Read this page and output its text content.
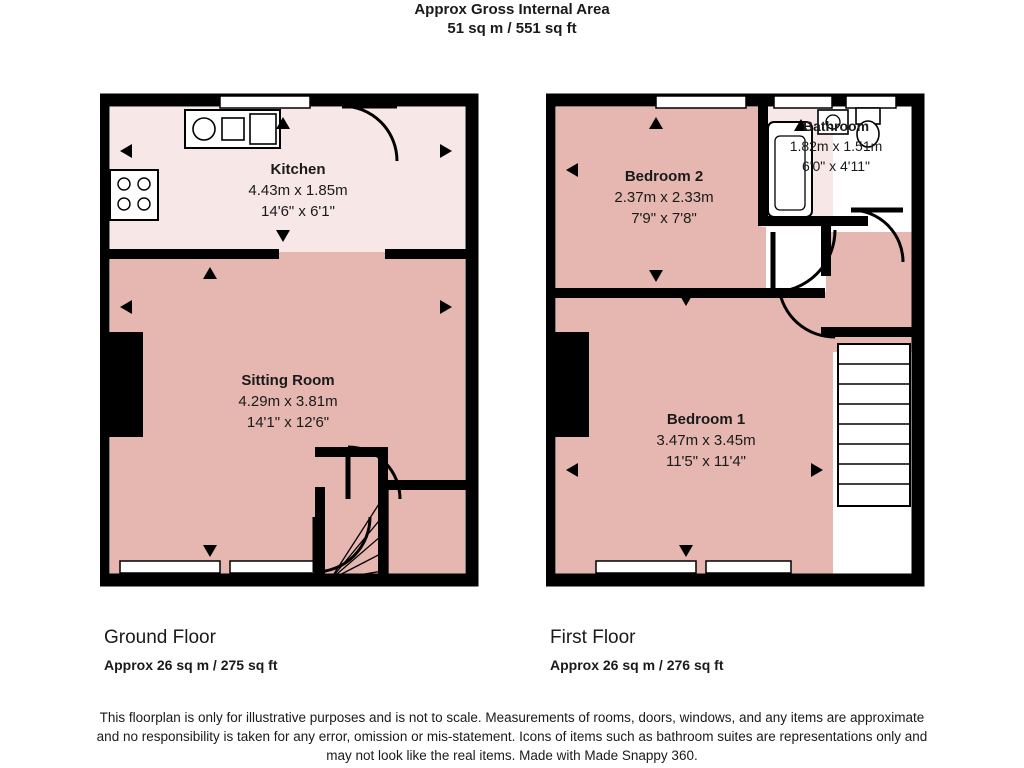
Approx Gross Internal Area
51 sq m / 551 sq ft
Kitchen
4.43m x 1.85m
14'6" x 6'1"
Sitting Room
4.29m x 3.81m
14'1" x 12'6"
Bedroom 2
2.37m x 2.33m
7'9" x 7'8"
Bathroom
1.82m x 1.51m
6'0" x 4'11"
Bedroom 1
3.47m x 3.45m
11'5" x 11'4"
Ground Floor
Approx 26 sq m / 275 sq ft
First Floor
Approx 26 sq m / 276 sq ft
This floorplan is only for illustrative purposes and is not to scale. Measurements of rooms, doors, windows, and any items are approximate
and no responsibility is taken for any error, omission or mis-statement. Icons of items such as bathroom suites are representations only and
may not look like the real items. Made with Made Snappy 360.
